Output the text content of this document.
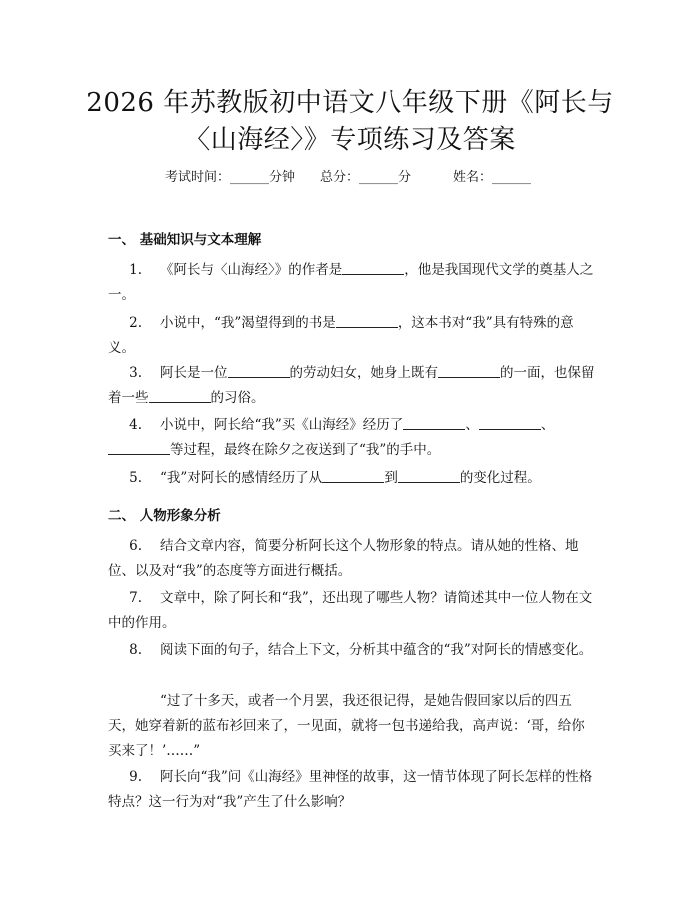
2026 年苏教版初中语文八年级下册《阿长与
〈山海经〉》专项练习及答案
考试时间：______分钟 总分：______分	姓名：______
一、 基础知识与文本理解
1. 《阿长与〈山海经〉》的作者是	，他是我国现代文学的奠基人之一。
2. 小说中，“我”渴望得到的书是	，这本书对“我”具有特殊的意义。
3. 阿长是一位	的劳动妇女，她身上既有	的一面，也保留着一些	的习俗。
4. 小说中，阿长给“我”买《山海经》经历了	、	、等过程，最终在除夕之夜送到了“我”的手中。
5. “我”对阿长的感情经历了从	到	的变化过程。
二、 人物形象分析
6. 结合文章内容，简要分析阿长这个人物形象的特点。请从她的性格、地位、以及对“我”的态度等方面进行概括。
7. 文章中，除了阿长和“我”，还出现了哪些人物？请简述其中一位人物在文中的作用。
8. 阅读下面的句子，结合上下文，分析其中蕴含的“我”对阿长的情感变化。
“过了十多天，或者一个月罢，我还很记得，是她告假回家以后的四五天，她穿着新的蓝布衫回来了，一见面，就将一包书递给我，高声说：‘哥，给你买来了！’……”
9. 阿长向“我”问《山海经》里神怪的故事，这一情节体现了阿长怎样的性格特点？这一行为对“我”产生了什么影响？
